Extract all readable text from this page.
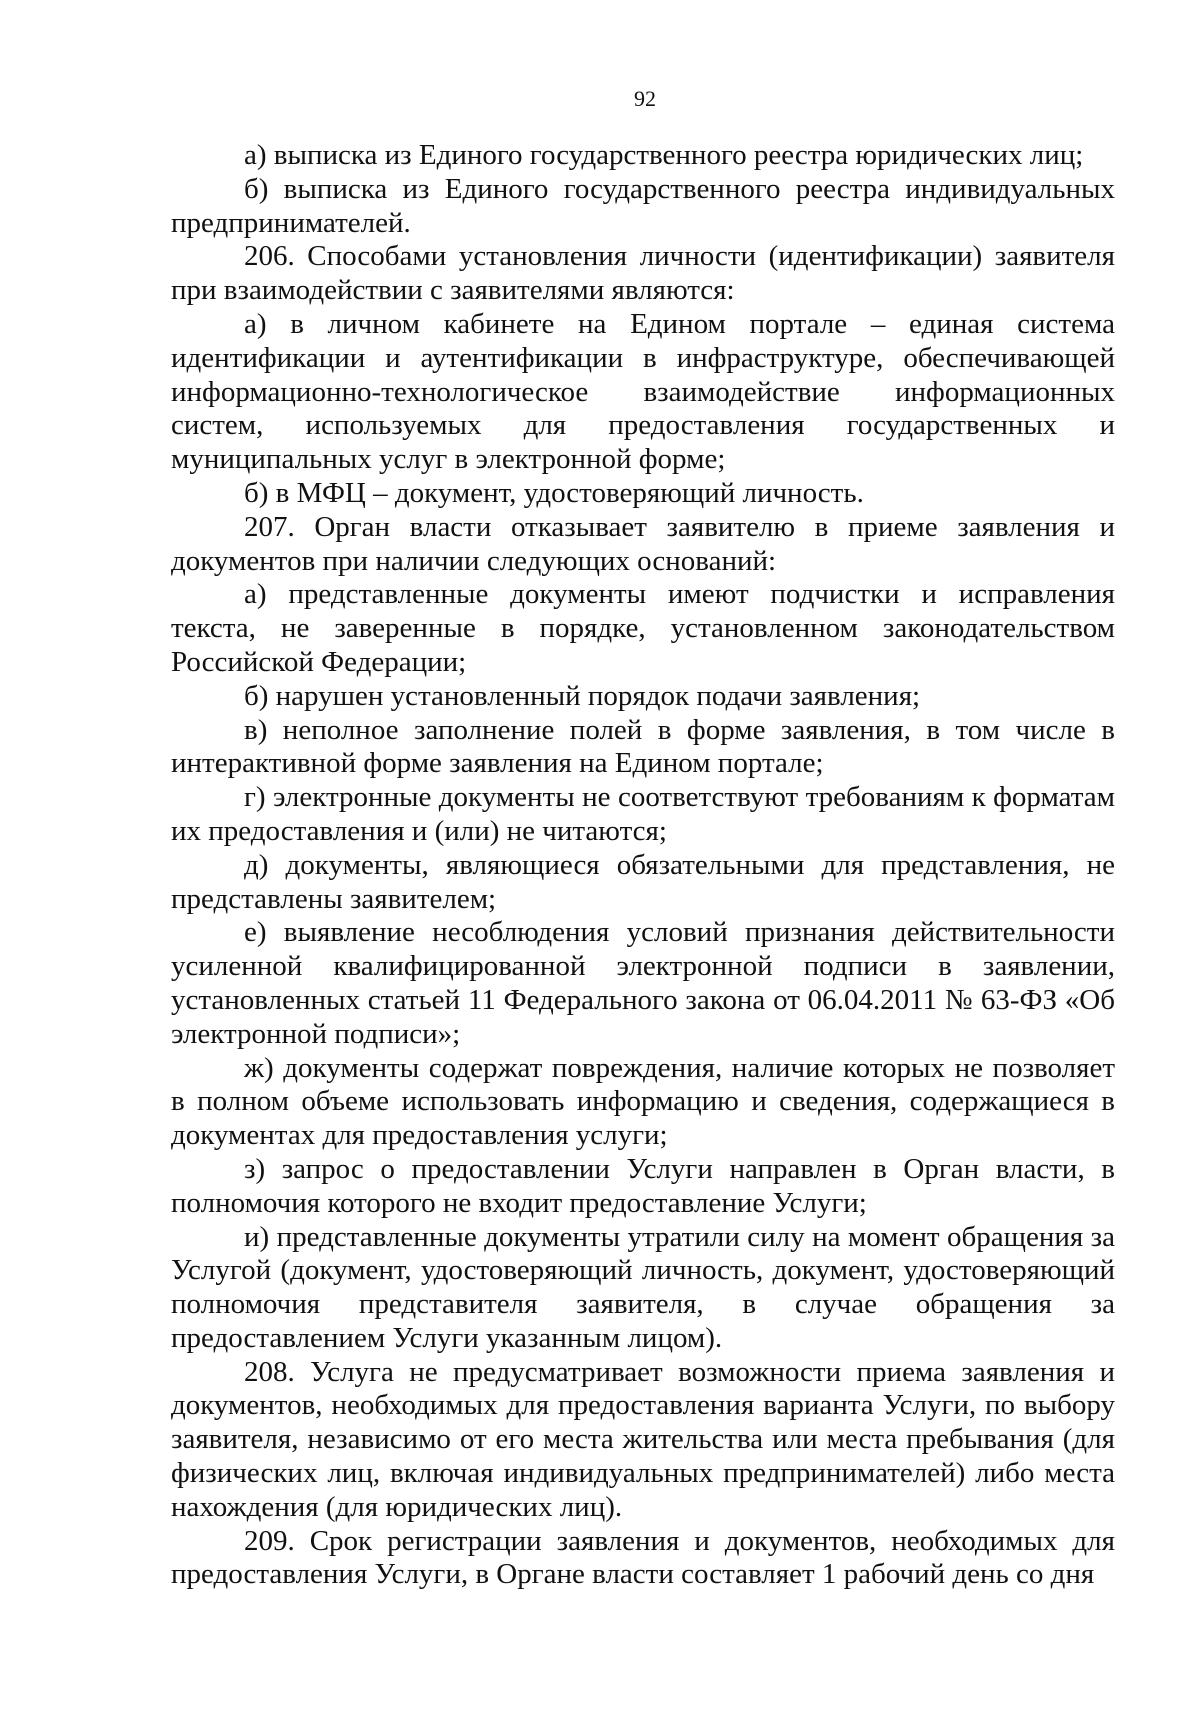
92

а) выписка из Единого государственного реестра юридических лиц;

б) выписка из Единого государственного реестра индивидуальных предпринимателей.

206. Способами установления личности (идентификации) заявителя при взаимодействии с заявителями являются:

а) в личном кабинете на Едином портале – единая система идентификации и аутентификации в инфраструктуре, обеспечивающей информационно-технологическое взаимодействие информационных систем, используемых для предоставления государственных и муниципальных услуг в электронной форме;

б) в МФЦ – документ, удостоверяющий личность.

207. Орган власти отказывает заявителю в приеме заявления и документов при наличии следующих оснований:

а) представленные документы имеют подчистки и исправления текста, не заверенные в порядке, установленном законодательством Российской Федерации;

б) нарушен установленный порядок подачи заявления;

в) неполное заполнение полей в форме заявления, в том числе в интерактивной форме заявления на Едином портале;

г) электронные документы не соответствуют требованиям к форматам их предоставления и (или) не читаются;

д) документы, являющиеся обязательными для представления, не представлены заявителем;

е) выявление несоблюдения условий признания действительности усиленной квалифицированной электронной подписи в заявлении, установленных статьей 11 Федерального закона от 06.04.2011 № 63-ФЗ «Об электронной подписи»;

ж) документы содержат повреждения, наличие которых не позволяет в полном объеме использовать информацию и сведения, содержащиеся в документах для предоставления услуги;

з) запрос о предоставлении Услуги направлен в Орган власти, в полномочия которого не входит предоставление Услуги;

и) представленные документы утратили силу на момент обращения за Услугой (документ, удостоверяющий личность, документ, удостоверяющий полномочия представителя заявителя, в случае обращения за предоставлением Услуги указанным лицом).

208. Услуга не предусматривает возможности приема заявления и документов, необходимых для предоставления варианта Услуги, по выбору заявителя, независимо от его места жительства или места пребывания (для физических лиц, включая индивидуальных предпринимателей) либо места нахождения (для юридических лиц).

209. Срок регистрации заявления и документов, необходимых для предоставления Услуги, в Органе власти составляет 1 рабочий день со дня
